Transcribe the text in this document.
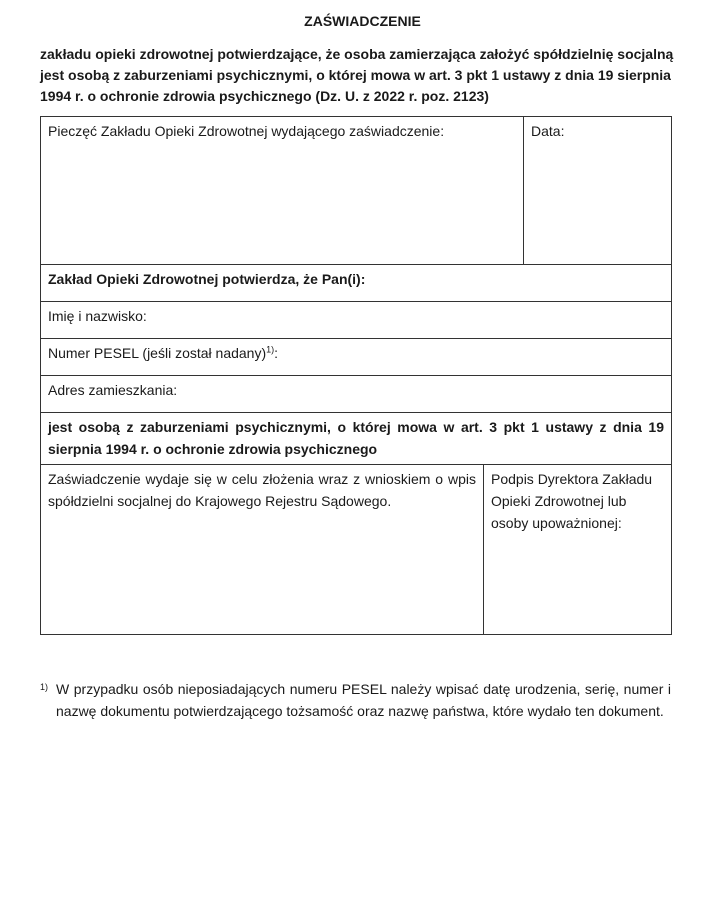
ZAŚWIADCZENIE
zakładu opieki zdrowotnej potwierdzające, że osoba zamierzająca założyć spółdzielnię socjalną jest osobą z zaburzeniami psychicznymi, o której mowa w art. 3 pkt 1 ustawy z dnia 19 sierpnia 1994 r. o ochronie zdrowia psychicznego (Dz. U. z 2022 r. poz. 2123)
Pieczęć Zakładu Opieki Zdrowotnej wydającego zaświadczenie:		Data:
Zakład Opieki Zdrowotnej potwierdza, że Pan(i):		
Imię i nazwisko:		
Numer PESEL (jeśli został nadany)$^{1)}$:		
Adres zamieszkania:		
jest osobą z zaburzeniami psychicznymi, o której mowa w art. 3 pkt 1 ustawy z dnia 19 sierpnia 1994 r. o ochronie zdrowia psychicznego		
Zaświadczenie wydaje się w celu złożenia wraz z wnioskiem o wpis spółdzielni socjalnej do Krajowego Rejestru Sądowego.	Podpis Dyrektora Zakładu Opieki Zdrowotnej lub osoby upoważnionej:	
1) W przypadku osób nieposiadających numeru PESEL należy wpisać datę urodzenia, serię, numer i nazwę dokumentu potwierdzającego tożsamość oraz nazwę państwa, które wydało ten dokument.
